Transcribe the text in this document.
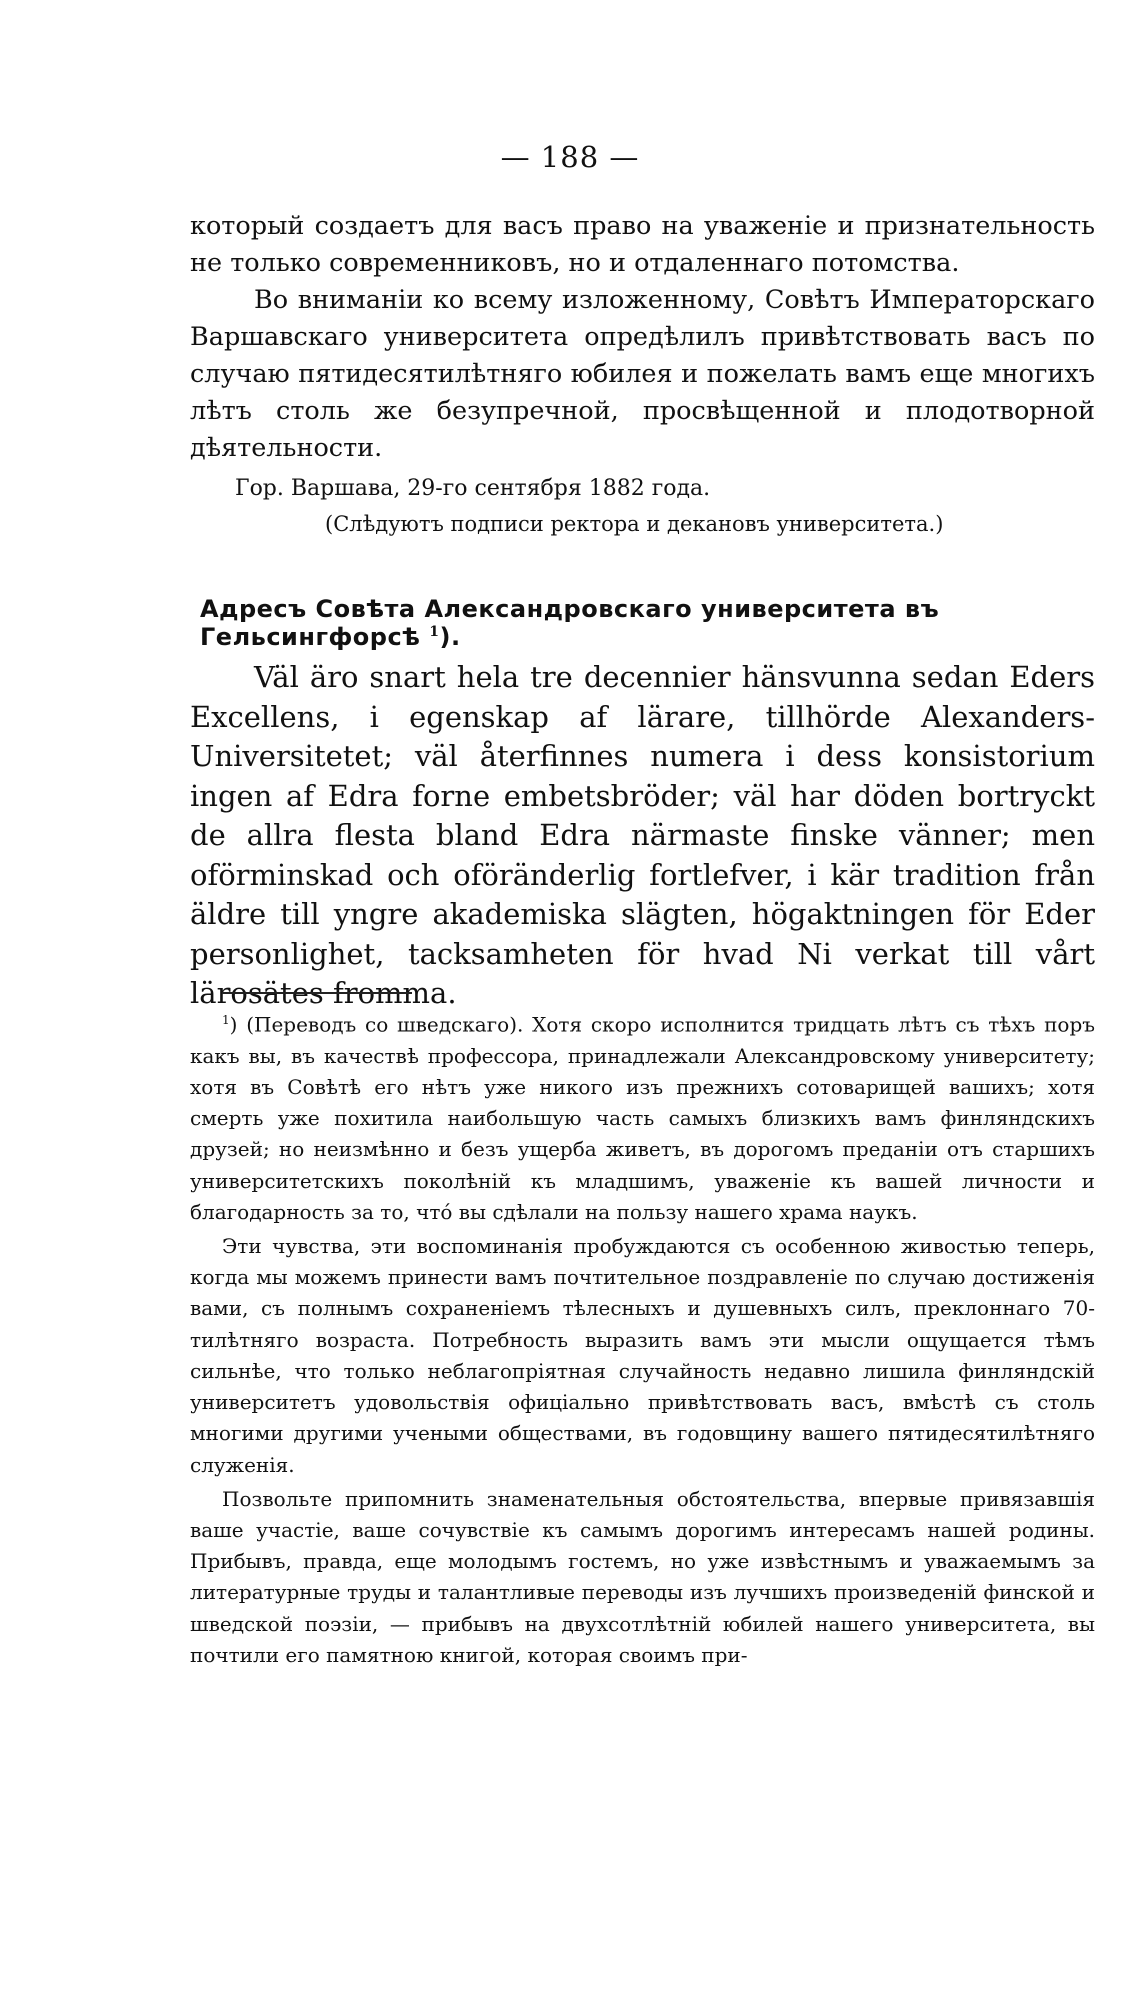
— 188 —

который создаетъ для васъ право на уваженіе и признательность не только современниковъ, но и отдаленнаго потомства.

Во вниманіи ко всему изложенному, Совѣтъ Императорскаго Варшавскаго университета опредѣлилъ привѣтствовать васъ по случаю пятидесятилѣтняго юбилея и пожелать вамъ еще многихъ лѣтъ столь же безупречной, просвѣщенной и плодотворной дѣятельности.

Гор. Варшава, 29-го сентября 1882 года.

(Слѣдуютъ подписи ректора и декановъ университета.)

Адресъ Совѣта Александровскаго университета въ Гельсингфорсѣ $^1$).

Väl äro snart hela tre decennier hänsvunna sedan Eders Excellens, i egenskap af lärare, tillhörde Alexanders-Universitetet; väl återfinnes numera i dess konsistorium ingen af Edra forne embetsbröder; väl har döden bortryckt de allra flesta bland Edra närmaste finske vänner; men oförminskad och oföränderlig fortlefver, i kär tradition från äldre till yngre akademiska slägten, högaktningen för Eder personlighet, tacksamheten för hvad Ni verkat till vårt lärosätes fromma.

$^1$) (Переводъ со шведскаго). Хотя скоро исполнится тридцать лѣтъ съ тѣхъ поръ какъ вы, въ качествѣ профессора, принадлежали Александровскому университету; хотя въ Совѣтѣ его нѣтъ уже никого изъ прежнихъ сотоварищей вашихъ; хотя смерть уже похитила наибольшую часть самыхъ близкихъ вамъ финляндскихъ друзей; но неизмѣнно и безъ ущерба живетъ, въ дорогомъ преданіи отъ старшихъ университетскихъ поколѣній къ младшимъ, уваженіе къ вашей личности и благодарность за то, чтó вы сдѣлали на пользу нашего храма наукъ.

Эти чувства, эти воспоминанія пробуждаются съ особенною живостью теперь, когда мы можемъ принести вамъ почтительное поздравленіе по случаю достиженія вами, съ полнымъ сохраненіемъ тѣлесныхъ и душевныхъ силъ, преклоннаго 70-тилѣтняго возраста. Потребность выразить вамъ эти мысли ощущается тѣмъ сильнѣе, что только неблагопріятная случайность недавно лишила финляндскій университетъ удовольствія офиціально привѣтствовать васъ, вмѣстѣ съ столь многими другими учеными обществами, въ годовщину вашего пятидесятилѣтняго служенія.

Позвольте припомнить знаменательныя обстоятельства, впервые привязавшія ваше участіе, ваше сочувствіе къ самымъ дорогимъ интересамъ нашей родины. Прибывъ, правда, еще молодымъ гостемъ, но уже извѣстнымъ и уважаемымъ за литературные труды и талантливые переводы изъ лучшихъ произведеній финской и шведской поэзіи, — прибывъ на двухсотлѣтній юбилей нашего университета, вы почтили его памятною книгой, которая своимъ при-
